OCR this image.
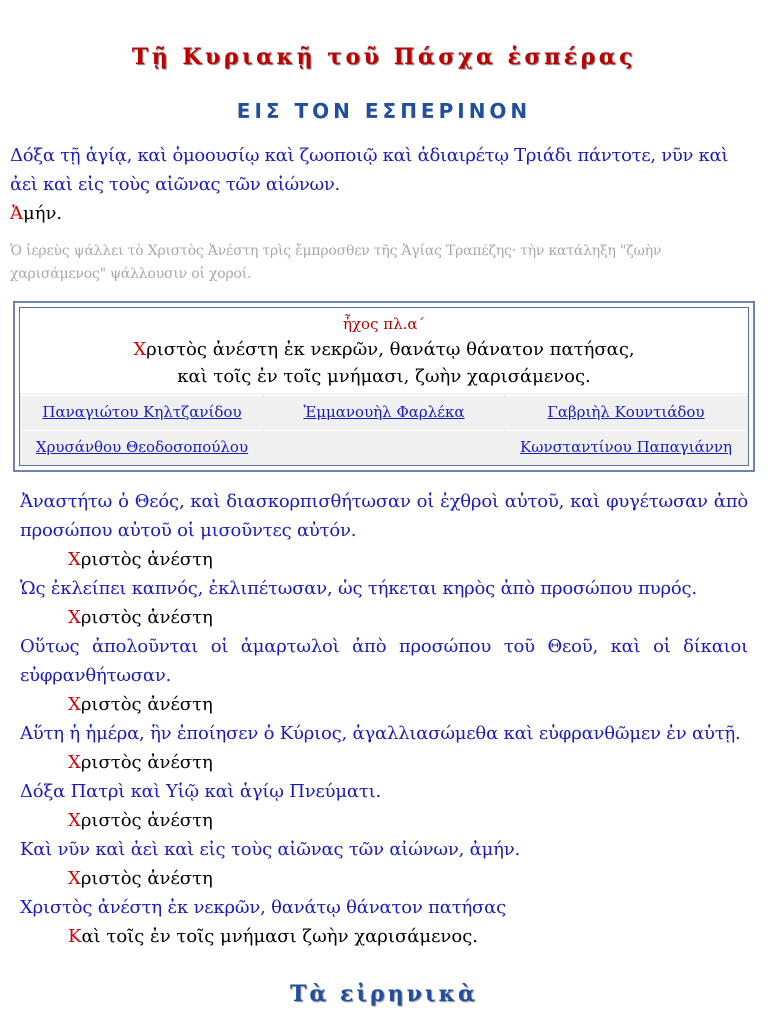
Τῇ Κυριακῇ τοῦ Πάσχα ἑσπέρας
ΕΙΣ ΤΟΝ ΕΣΠΕΡΙΝΟΝ
Δόξα τῇ ἁγίᾳ, καὶ ὁμοουσίῳ καὶ ζωοποιῷ καὶ ἀδιαιρέτῳ Τριάδι πάντοτε, νῦν καὶ ἀεὶ καὶ εἰς τοὺς αἰῶνας τῶν αἰώνων.
Ἀμήν.
Ὁ ἱερεὺς ψάλλει τὸ Χριστὸς Ἀνέστη τρὶς ἔμπροσθεν τῆς Ἁγίας Τραπέζης· τὴν κατάληξη "ζωὴν χαρισάμενος" ψάλλουσιν οἱ χοροί.
ἦχος πλ.α΄
Χριστὸς ἀνέστη ἐκ νεκρῶν, θανάτῳ θάνατον πατήσας,
καὶ τοῖς ἐν τοῖς μνήμασι, ζωὴν χαρισάμενος.
Παναγιώτου Κηλτζανίδου	Ἐμμανουὴλ Φαρλέκα	Γαβριὴλ Κουντιάδου
Χρυσάνθου Θεοδοσοπούλου		Κωνσταντίνου Παπαγιάννη
Ἀναστήτω ὁ Θεός, καὶ διασκορπισθήτωσαν οἱ ἐχθροὶ αὐτοῦ, καὶ φυγέτωσαν ἀπὸ προσώπου αὐτοῦ οἱ μισοῦντες αὐτόν.
Χριστὸς ἀνέστη
Ὡς ἐκλείπει καπνός, ἐκλιπέτωσαν, ὡς τήκεται κηρὸς ἀπὸ προσώπου πυρός.
Χριστὸς ἀνέστη
Οὕτως ἀπολοῦνται οἱ ἁμαρτωλοὶ ἀπὸ προσώπου τοῦ Θεοῦ, καὶ οἱ δίκαιοι εὐφρανθήτωσαν.
Χριστὸς ἀνέστη
Αὕτη ἡ ἡμέρα, ἣν ἐποίησεν ὁ Κύριος, ἀγαλλιασώμεθα καὶ εὐφρανθῶμεν ἐν αὐτῇ.
Χριστὸς ἀνέστη
Δόξα Πατρὶ καὶ Υἱῷ καὶ ἁγίῳ Πνεύματι.
Χριστὸς ἀνέστη
Καὶ νῦν καὶ ἀεὶ καὶ εἰς τοὺς αἰῶνας τῶν αἰώνων, ἀμήν.
Χριστὸς ἀνέστη
Χριστὸς ἀνέστη ἐκ νεκρῶν, θανάτῳ θάνατον πατήσας
Καὶ τοῖς ἐν τοῖς μνήμασι ζωὴν χαρισάμενος.
Τὰ εἰρηνικὰ
